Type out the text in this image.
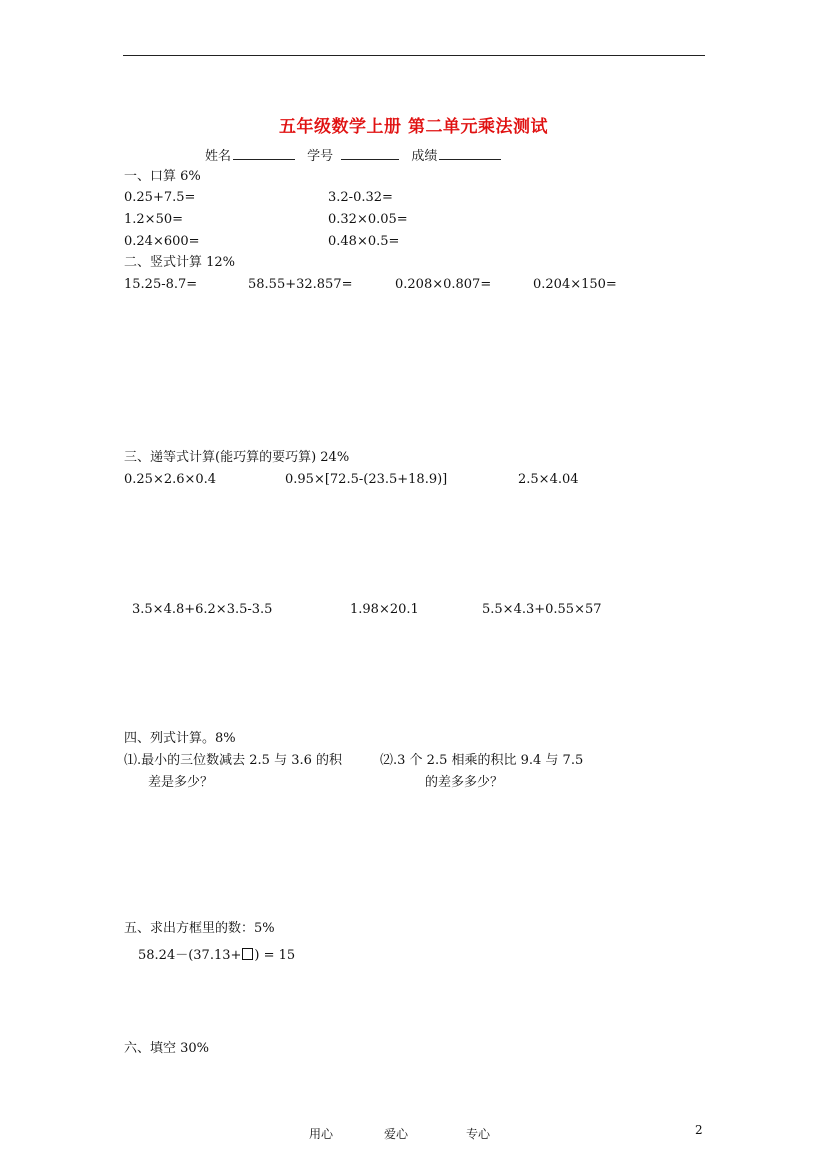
五年级数学上册 第二单元乘法测试
姓名	学号	成绩
一、口算 6%
0.25+7.5=	3.2-0.32=
1.2×50=	0.32×0.05=
0.24×600=	0.48×0.5=
二、竖式计算 12%
15.25-8.7=	58.55+32.857=	0.208×0.807=	0.204×150=
三、递等式计算(能巧算的要巧算) 24%
0.25×2.6×0.4	0.95×[72.5-(23.5+18.9)]	2.5×4.04
3.5×4.8+6.2×3.5-3.5	1.98×20.1	5.5×4.3+0.55×57
四、列式计算。8%
⑴.最小的三位数减去 2.5 与 3.6 的积
差是多少？
⑵.3 个 2.5 相乘的积比 9.4 与 7.5
的差多多少？
五、求出方框里的数：5%
58.24－(37.13+ ) = 15
六、填空 30%
用心	爱心	专心	2
